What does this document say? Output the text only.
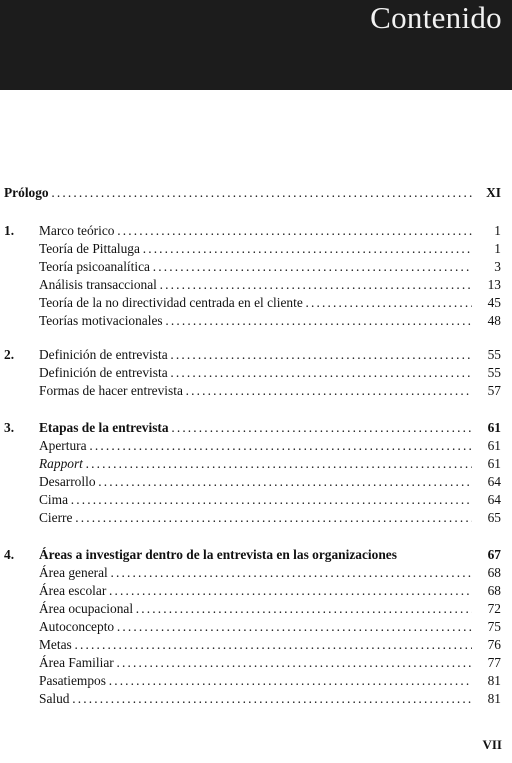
Contenido
Prólogo . . .	XI
1. Marco teórico . . .	1
Teoría de Pittaluga . . .	1
Teoría psicoanalítica . . .	3
Análisis transaccional . . .	13
Teoría de la no directividad centrada en el cliente . . .	45
Teorías motivacionales . . .	48
2. Definición de entrevista . . .	55
Definición de entrevista . . .	55
Formas de hacer entrevista . . .	57
3. Etapas de la entrevista . . .	61
Apertura . . .	61
Rapport . . .	61
Desarrollo . . .	64
Cima . . .	64
Cierre . . .	65
4. Áreas a investigar dentro de la entrevista en las organizaciones	67
Área general . . .	68
Área escolar . . .	68
Área ocupacional . . .	72
Autoconcepto . . .	75
Metas . . .	76
Área Familiar . . .	77
Pasatiempos . . .	81
Salud . . .	81
VII
